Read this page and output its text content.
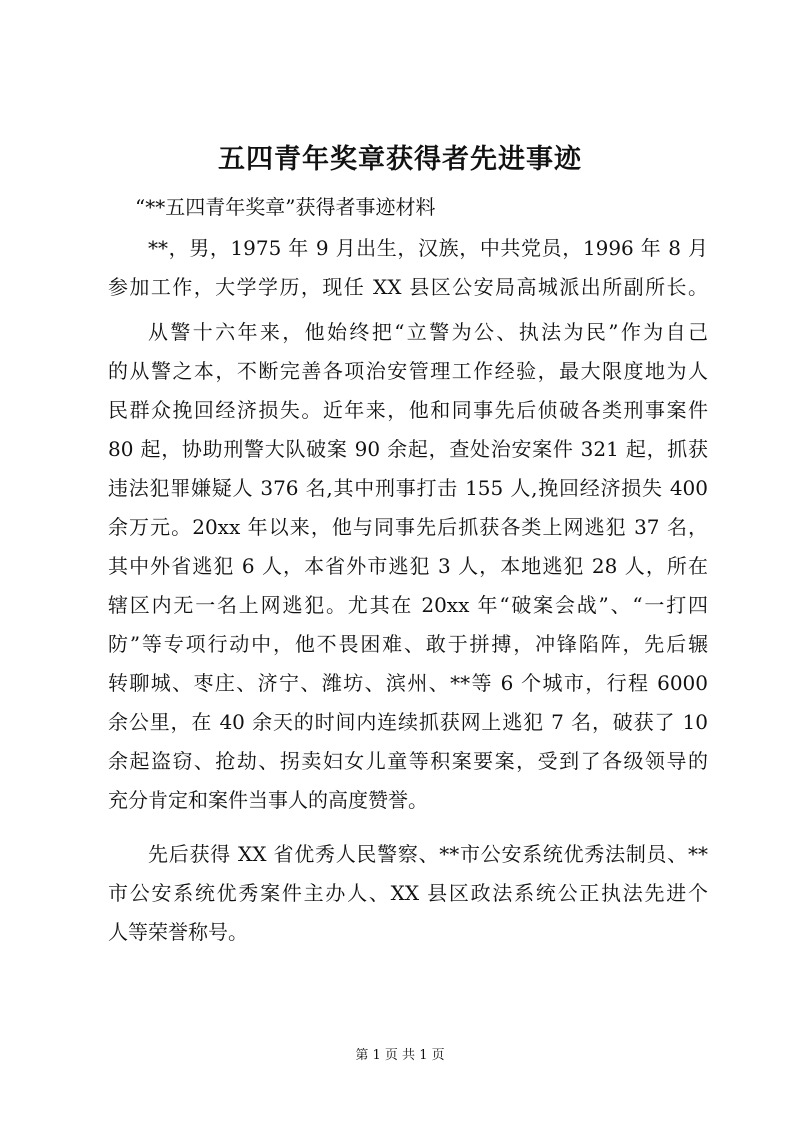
五四青年奖章获得者先进事迹
“**五四青年奖章”获得者事迹材料
**，男，1975 年 9 月出生，汉族，中共党员，1996 年 8 月
参加工作，大学学历，现任 XX 县区公安局高城派出所副所长。
从警十六年来，他始终把“立警为公、执法为民”作为自己
的从警之本，不断完善各项治安管理工作经验，最大限度地为人
民群众挽回经济损失。近年来，他和同事先后侦破各类刑事案件
80 起，协助刑警大队破案 90 余起，查处治安案件 321 起，抓获
违法犯罪嫌疑人 376 名,其中刑事打击 155 人,挽回经济损失 400
余万元。20xx 年以来，他与同事先后抓获各类上网逃犯 37 名，
其中外省逃犯 6 人，本省外市逃犯 3 人，本地逃犯 28 人，所在
辖区内无一名上网逃犯。尤其在 20xx 年“破案会战”、“一打四
防”等专项行动中，他不畏困难、敢于拼搏，冲锋陷阵，先后辗
转聊城、枣庄、济宁、潍坊、滨州、**等 6 个城市，行程 6000
余公里，在 40 余天的时间内连续抓获网上逃犯 7 名，破获了 10
余起盗窃、抢劫、拐卖妇女儿童等积案要案，受到了各级领导的
充分肯定和案件当事人的高度赞誉。
先后获得 XX 省优秀人民警察、**市公安系统优秀法制员、**
市公安系统优秀案件主办人、XX 县区政法系统公正执法先进个
人等荣誉称号。
第 1 页 共 1 页
